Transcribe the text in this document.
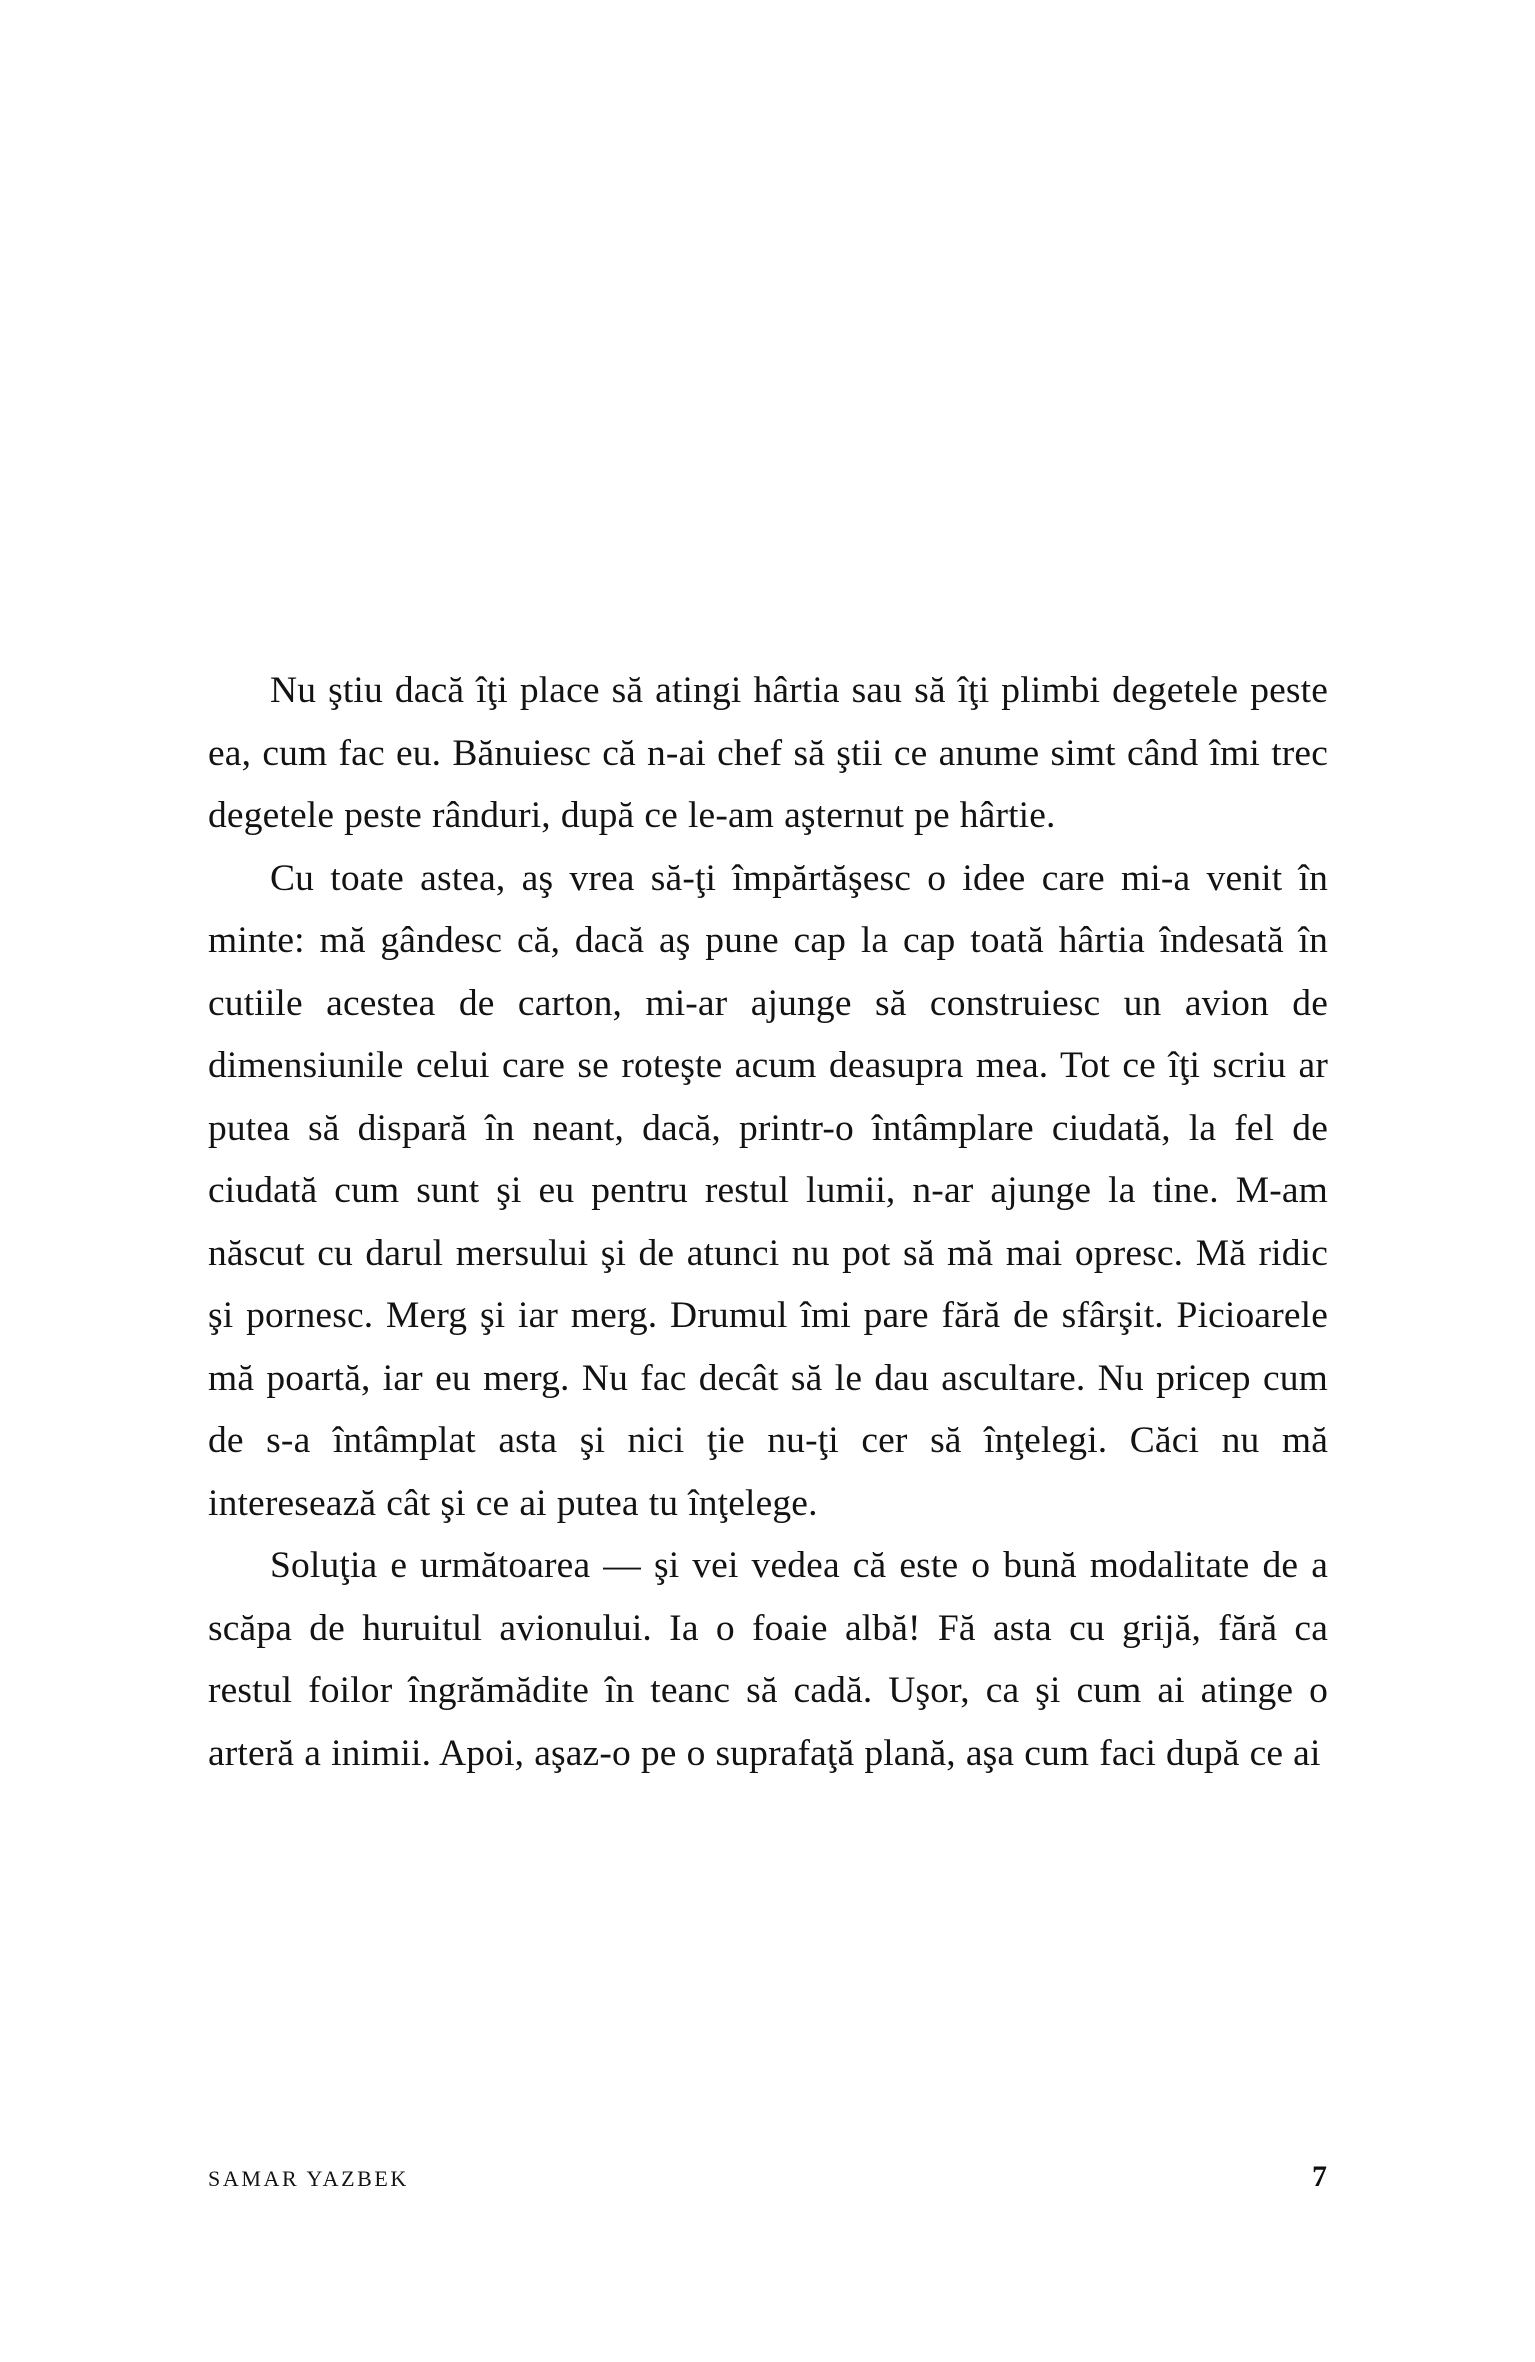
Nu ştiu dacă îţi place să atingi hârtia sau să îţi plimbi degetele peste ea, cum fac eu. Bănuiesc că n-ai chef să ştii ce anume simt când îmi trec degetele peste rânduri, după ce le-am aşternut pe hârtie.

Cu toate astea, aş vrea să-ţi împărtăşesc o idee care mi-a venit în minte: mă gândesc că, dacă aş pune cap la cap toată hârtia îndesată în cutiile acestea de carton, mi-ar ajunge să construiesc un avion de dimensiunile celui care se roteşte acum deasupra mea. Tot ce îţi scriu ar putea să dispară în neant, dacă, printr-o întâmplare ciudată, la fel de ciudată cum sunt şi eu pentru restul lumii, n-ar ajunge la tine. M-am născut cu darul mersului şi de atunci nu pot să mă mai opresc. Mă ridic şi pornesc. Merg şi iar merg. Drumul îmi pare fără de sfârşit. Picioarele mă poartă, iar eu merg. Nu fac decât să le dau ascultare. Nu pricep cum de s-a întâmplat asta şi nici ţie nu-ţi cer să înţelegi. Căci nu mă interesează cât şi ce ai putea tu înţelege.

Soluţia e următoarea — şi vei vedea că este o bună modalitate de a scăpa de huruitul avionului. Ia o foaie albă! Fă asta cu grijă, fără ca restul foilor îngrămădite în teanc să cadă. Uşor, ca şi cum ai atinge o arteră a inimii. Apoi, aşaz-o pe o suprafaţă plană, aşa cum faci după ce ai

SAMAR YAZBEK	7
